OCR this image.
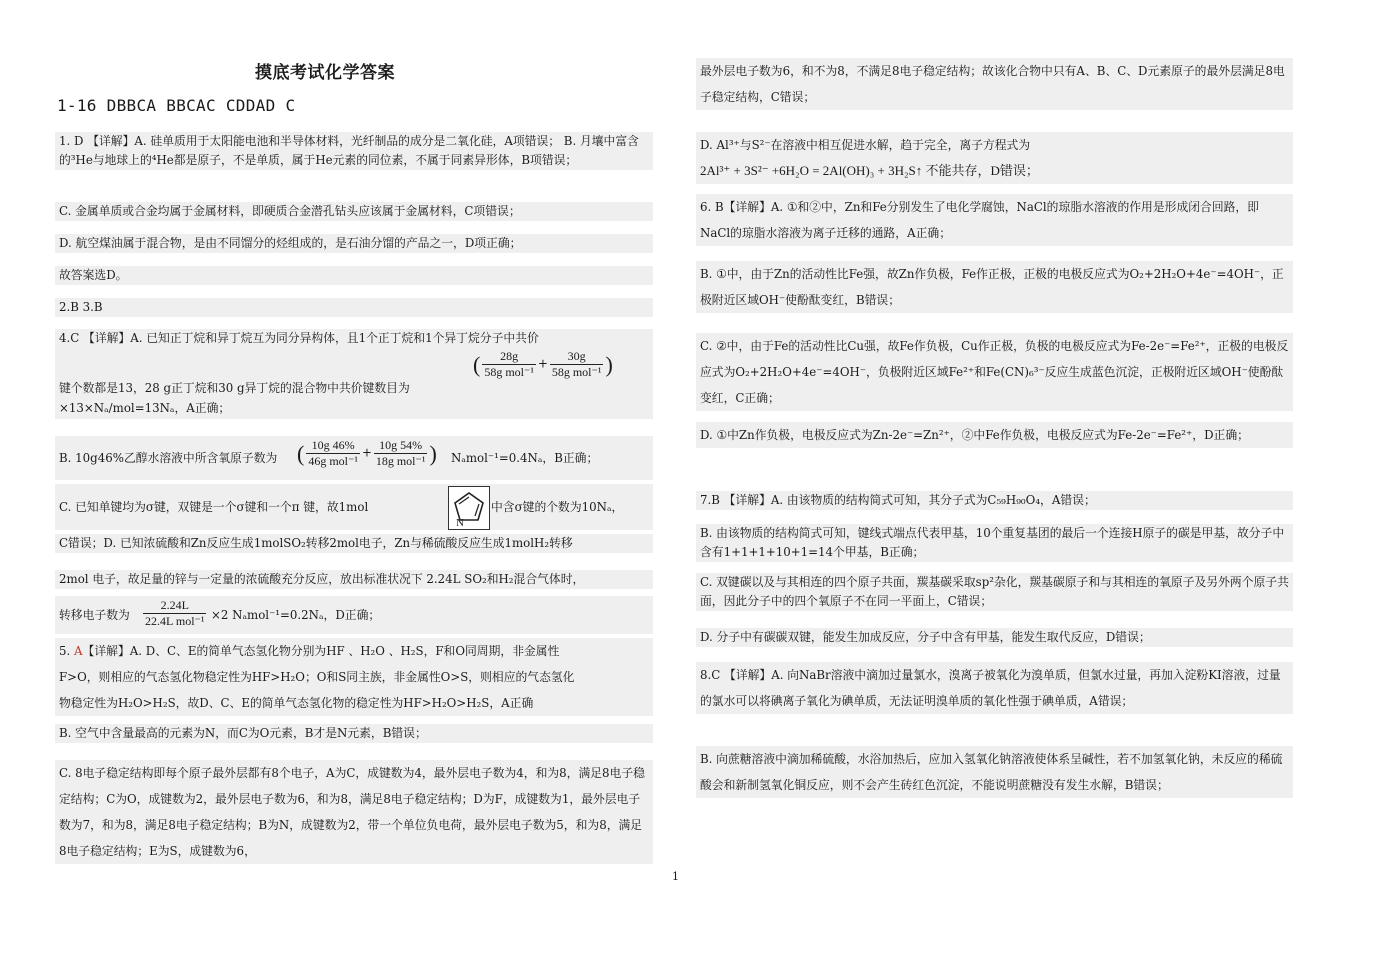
摸底考试化学答案
1-16 DBBCA BBCAC CDDAD C
1. D 【详解】A. 硅单质用于太阳能电池和半导体材料，光纤制品的成分是二氧化硅，A项错误； B. 月壤中富含的³He与地球上的⁴He都是原子，不是单质，属于He元素的同位素，不属于同素异形体，B项错误；
C. 金属单质或合金均属于金属材料，即硬质合金潜孔钻头应该属于金属材料，C项错误；
D. 航空煤油属于混合物，是由不同馏分的烃组成的，是石油分馏的产品之一，D项正确；
故答案选D。
2.B 3.B
4.C 【详解】A. 已知正丁烷和异丁烷互为同分异构体，且1个正丁烷和1个异丁烷分子中共价
键个数都是13，28 g正丁烷和30 g异丁烷的混合物中共价键数目为
( $\frac{28g}{\text{58g mol⁻¹}} + \frac{30g}{\text{58g mol⁻¹}}$ )
×13×Nₐ/mol=13Nₐ，A正确；
B. 10g46%乙醇水溶液中所含氧原子数为 ( $\frac{10g 46\%}{\text{46g mol⁻¹}} + \frac{10g 54\%}{\text{18g mol⁻¹}}$ ) Nₐmol⁻¹=0.4Nₐ，B正确；
C. 已知单键均为σ键，双键是一个σ键和一个π 键，故1mol
N
中含σ键的个数为10Nₐ，
C错误；D. 已知浓硫酸和Zn反应生成1molSO₂转移2mol电子，Zn与稀硫酸反应生成1molH₂转移
2mol 电子，故足量的锌与一定量的浓硫酸充分反应，放出标准状况下 2.24L SO₂和H₂混合气体时，
转移电子数为 $\frac{2.24L}{\text{22.4L mol⁻¹}} \times 2$ Nₐmol⁻¹=0.2Nₐ，D正确；
5. A【详解】A. D、C、E的简单气态氢化物分别为HF 、H₂O 、H₂S，F和O同周期，非金属性
F>O，则相应的气态氢化物稳定性为HF>H₂O；O和S同主族，非金属性O>S，则相应的气态氢化
物稳定性为H₂O>H₂S，故D、C、E的简单气态氢化物的稳定性为HF>H₂O>H₂S，A正确
B. 空气中含量最高的元素为N，而C为O元素，B才是N元素，B错误；
C. 8电子稳定结构即每个原子最外层都有8个电子，A为C，成键数为4，最外层电子数为4，和为8，满足8电子稳定结构；C为O，成键数为2，最外层电子数为6，和为8，满足8电子稳定结构；D为F，成键数为1，最外层电子数为7，和为8，满足8电子稳定结构；B为N，成键数为2，带一个单位负电荷，最外层电子数为5，和为8，满足8电子稳定结构；E为S，成键数为6，
最外层电子数为6，和不为8，不满足8电子稳定结构；故该化合物中只有A、B、C、D元素原子的最外层满足8电子稳定结构，C错误；
D. Al³⁺与S²⁻在溶液中相互促进水解，趋于完全，离子方程式为
2Al³⁺ + 3S²⁻ +6H₂O = 2Al(OH)₃ + 3H₂S↑ 不能共存，D错误；
6. B【详解】A. ①和②中，Zn和Fe分别发生了电化学腐蚀，NaCl的琼脂水溶液的作用是形成闭合回路，即NaCl的琼脂水溶液为离子迁移的通路，A正确；
B. ①中，由于Zn的活动性比Fe强，故Zn作负极，Fe作正极，正极的电极反应式为O₂+2H₂O+4e⁻=4OH⁻，正极附近区域OH⁻使酚酞变红，B错误；
C. ②中，由于Fe的活动性比Cu强，故Fe作负极，Cu作正极，负极的电极反应式为Fe-2e⁻=Fe²⁺，正极的电极反应式为O₂+2H₂O+4e⁻=4OH⁻，负极附近区域Fe²⁺和Fe(CN)₆³⁻反应生成蓝色沉淀，正极附近区域OH⁻使酚酞变红，C正确；
D. ①中Zn作负极，电极反应式为Zn-2e⁻=Zn²⁺，②中Fe作负极，电极反应式为Fe-2e⁻=Fe²⁺，D正确；
7.B 【详解】A. 由该物质的结构简式可知，其分子式为C₅₉H₉₀O₄，A错误；
B. 由该物质的结构简式可知，键线式端点代表甲基，10个重复基团的最后一个连接H原子的碳是甲基，故分子中含有1+1+1+10+1=14个甲基，B正确；
C. 双键碳以及与其相连的四个原子共面，羰基碳采取sp²杂化，羰基碳原子和与其相连的氧原子及另外两个原子共面，因此分子中的四个氧原子不在同一平面上，C错误；
D. 分子中有碳碳双键，能发生加成反应，分子中含有甲基，能发生取代反应，D错误；
8.C 【详解】A. 向NaBr溶液中滴加过量氯水，溴离子被氧化为溴单质，但氯水过量，再加入淀粉KI溶液，过量的氯水可以将碘离子氧化为碘单质，无法证明溴单质的氧化性强于碘单质，A错误；
B. 向蔗糖溶液中滴加稀硫酸，水浴加热后，应加入氢氧化钠溶液使体系呈碱性，若不加氢氧化钠，未反应的稀硫酸会和新制氢氧化铜反应，则不会产生砖红色沉淀，不能说明蔗糖没有发生水解，B错误；
1
